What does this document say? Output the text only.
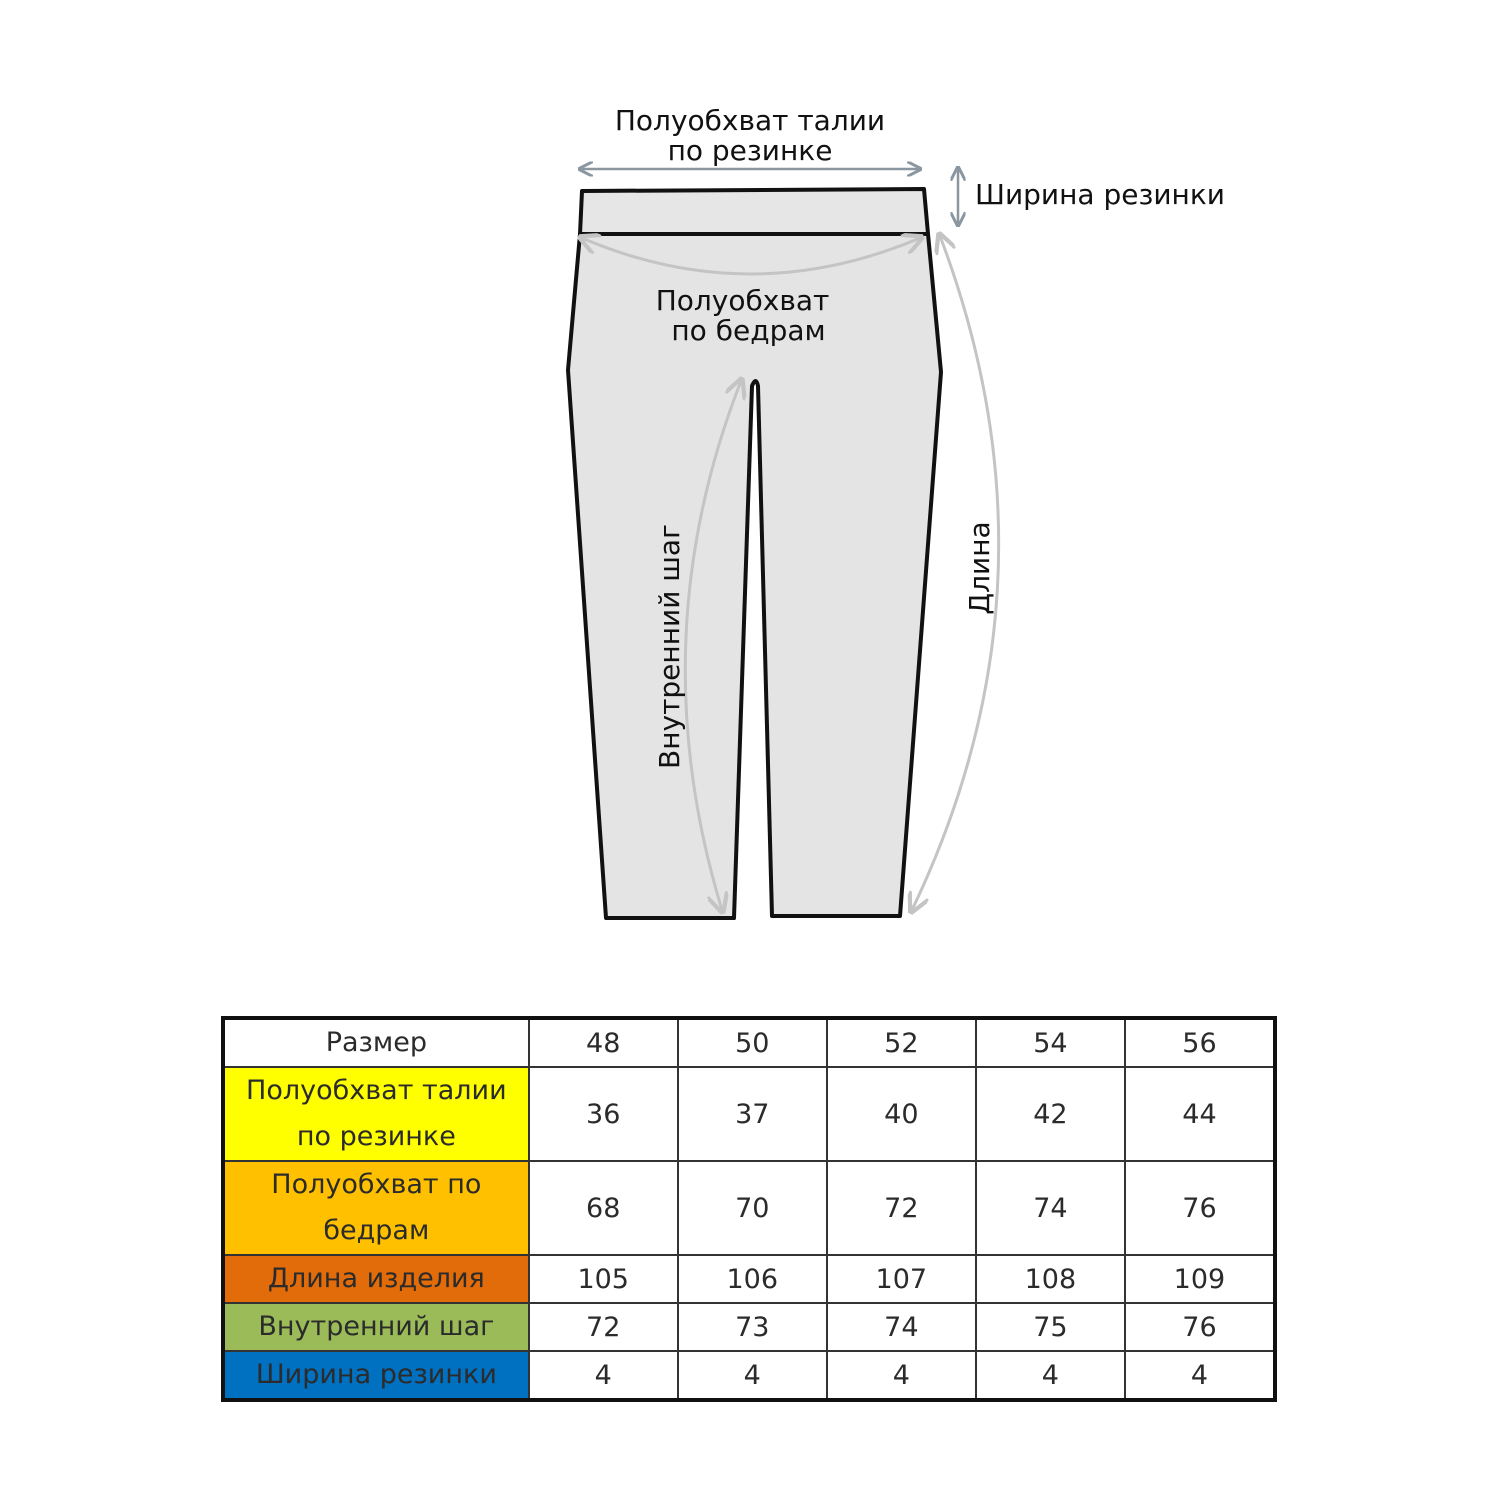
Полуобхват талии
по резинке
Ширина резинки
Полуобхват
по бедрам
Внутренний шаг	Длина
Размер	48	50	52	54	56

Полуобхват талии
по резинке	36	37	40	42	44

Полуобхват по
бедрам	68	70	72	74	76
Длина изделия	105	106	107	108	109
Внутренний шаг	72	73	74	75	76
Ширина резинки	4	4	4	4	4
